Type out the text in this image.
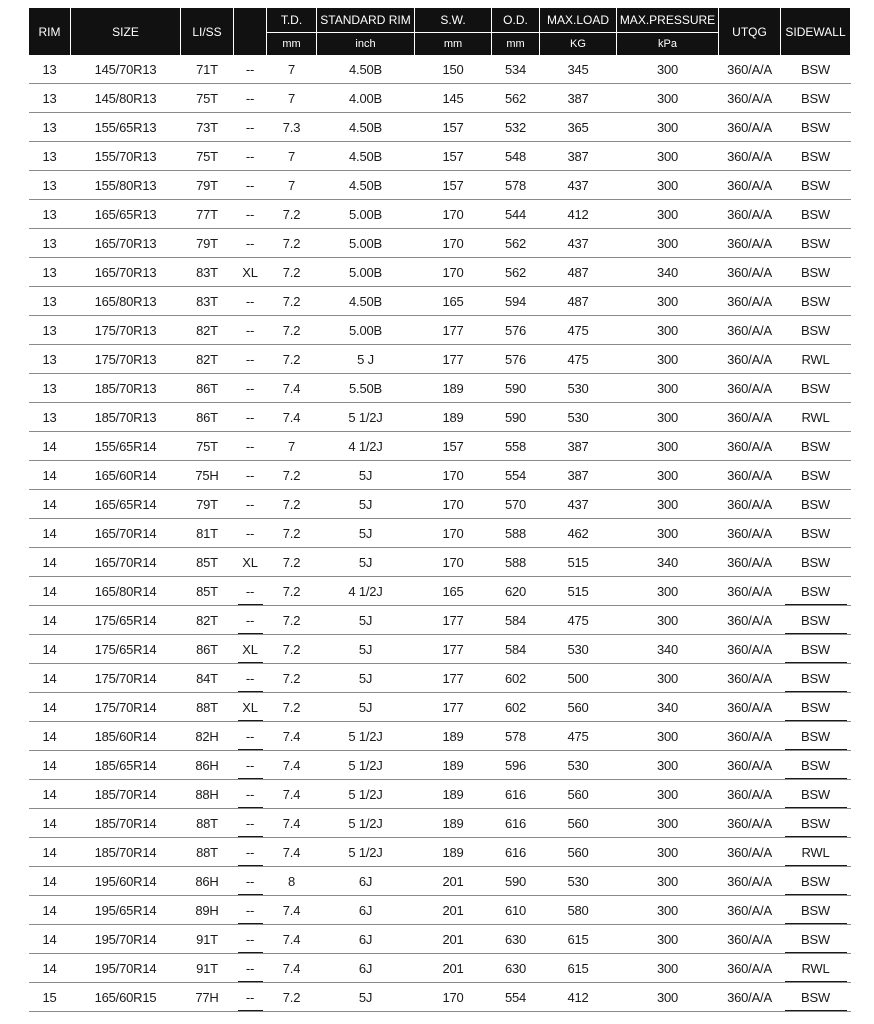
RIM	SIZE	LI/SS		T.D.	STANDARD RIM	S.W.	O.D.	MAX.LOAD	MAX.PRESSURE	UTQG	SIDEWALL
				mm	inch	mm	mm	KG	kPa		
13	145/70R13	71T	--	7	4.50B	150	534	345	300	360/A/A	BSW
13	145/80R13	75T	--	7	4.00B	145	562	387	300	360/A/A	BSW
13	155/65R13	73T	--	7.3	4.50B	157	532	365	300	360/A/A	BSW
13	155/70R13	75T	--	7	4.50B	157	548	387	300	360/A/A	BSW
13	155/80R13	79T	--	7	4.50B	157	578	437	300	360/A/A	BSW
13	165/65R13	77T	--	7.2	5.00B	170	544	412	300	360/A/A	BSW
13	165/70R13	79T	--	7.2	5.00B	170	562	437	300	360/A/A	BSW
13	165/70R13	83T	XL	7.2	5.00B	170	562	487	340	360/A/A	BSW
13	165/80R13	83T	--	7.2	4.50B	165	594	487	300	360/A/A	BSW
13	175/70R13	82T	--	7.2	5.00B	177	576	475	300	360/A/A	BSW
13	175/70R13	82T	--	7.2	5 J	177	576	475	300	360/A/A	RWL
13	185/70R13	86T	--	7.4	5.50B	189	590	530	300	360/A/A	BSW
13	185/70R13	86T	--	7.4	5 1/2J	189	590	530	300	360/A/A	RWL
14	155/65R14	75T	--	7	4 1/2J	157	558	387	300	360/A/A	BSW
14	165/60R14	75H	--	7.2	5J	170	554	387	300	360/A/A	BSW
14	165/65R14	79T	--	7.2	5J	170	570	437	300	360/A/A	BSW
14	165/70R14	81T	--	7.2	5J	170	588	462	300	360/A/A	BSW
14	165/70R14	85T	XL	7.2	5J	170	588	515	340	360/A/A	BSW
14	165/80R14	85T	--	7.2	4 1/2J	165	620	515	300	360/A/A	BSW
14	175/65R14	82T	--	7.2	5J	177	584	475	300	360/A/A	BSW
14	175/65R14	86T	XL	7.2	5J	177	584	530	340	360/A/A	BSW
14	175/70R14	84T	--	7.2	5J	177	602	500	300	360/A/A	BSW
14	175/70R14	88T	XL	7.2	5J	177	602	560	340	360/A/A	BSW
14	185/60R14	82H	--	7.4	5 1/2J	189	578	475	300	360/A/A	BSW
14	185/65R14	86H	--	7.4	5 1/2J	189	596	530	300	360/A/A	BSW
14	185/70R14	88H	--	7.4	5 1/2J	189	616	560	300	360/A/A	BSW
14	185/70R14	88T	--	7.4	5 1/2J	189	616	560	300	360/A/A	BSW
14	185/70R14	88T	--	7.4	5 1/2J	189	616	560	300	360/A/A	RWL
14	195/60R14	86H	--	8	6J	201	590	530	300	360/A/A	BSW
14	195/65R14	89H	--	7.4	6J	201	610	580	300	360/A/A	BSW
14	195/70R14	91T	--	7.4	6J	201	630	615	300	360/A/A	BSW
14	195/70R14	91T	--	7.4	6J	201	630	615	300	360/A/A	RWL
15	165/60R15	77H	--	7.2	5J	170	554	412	300	360/A/A	BSW
